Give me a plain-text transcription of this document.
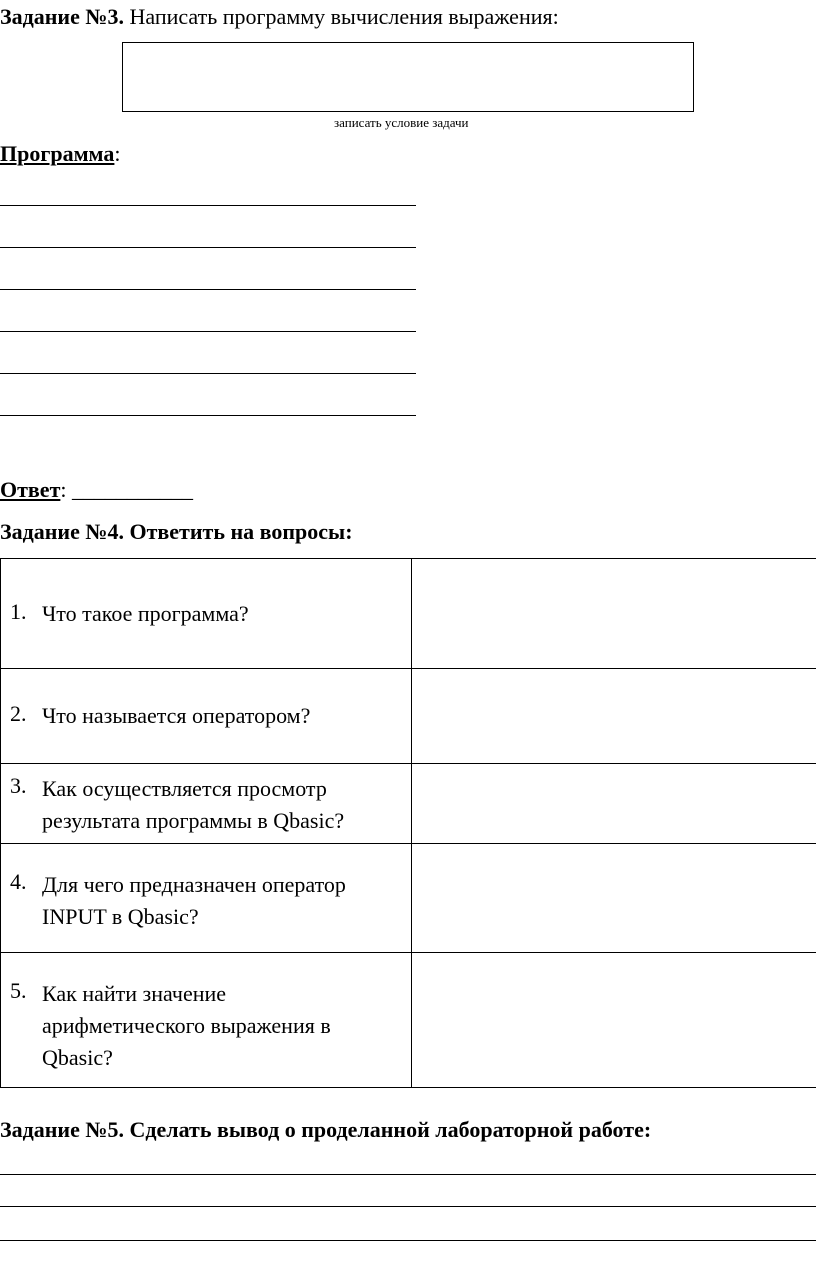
Задание №3. Написать программу вычисления выражения:
записать условие задачи
Программа:
Ответ: ___________
Задание №4. Ответить на вопросы:
1. Что такое программа?	

2. Что называется оператором?	

3. Как осуществляется просмотр результата программы в Qbasic?	

4. Для чего предназначен оператор INPUT в Qbasic?	

5. Как найти значение арифметического выражения в Qbasic?	

Задание №5. Сделать вывод о проделанной лабораторной работе:
